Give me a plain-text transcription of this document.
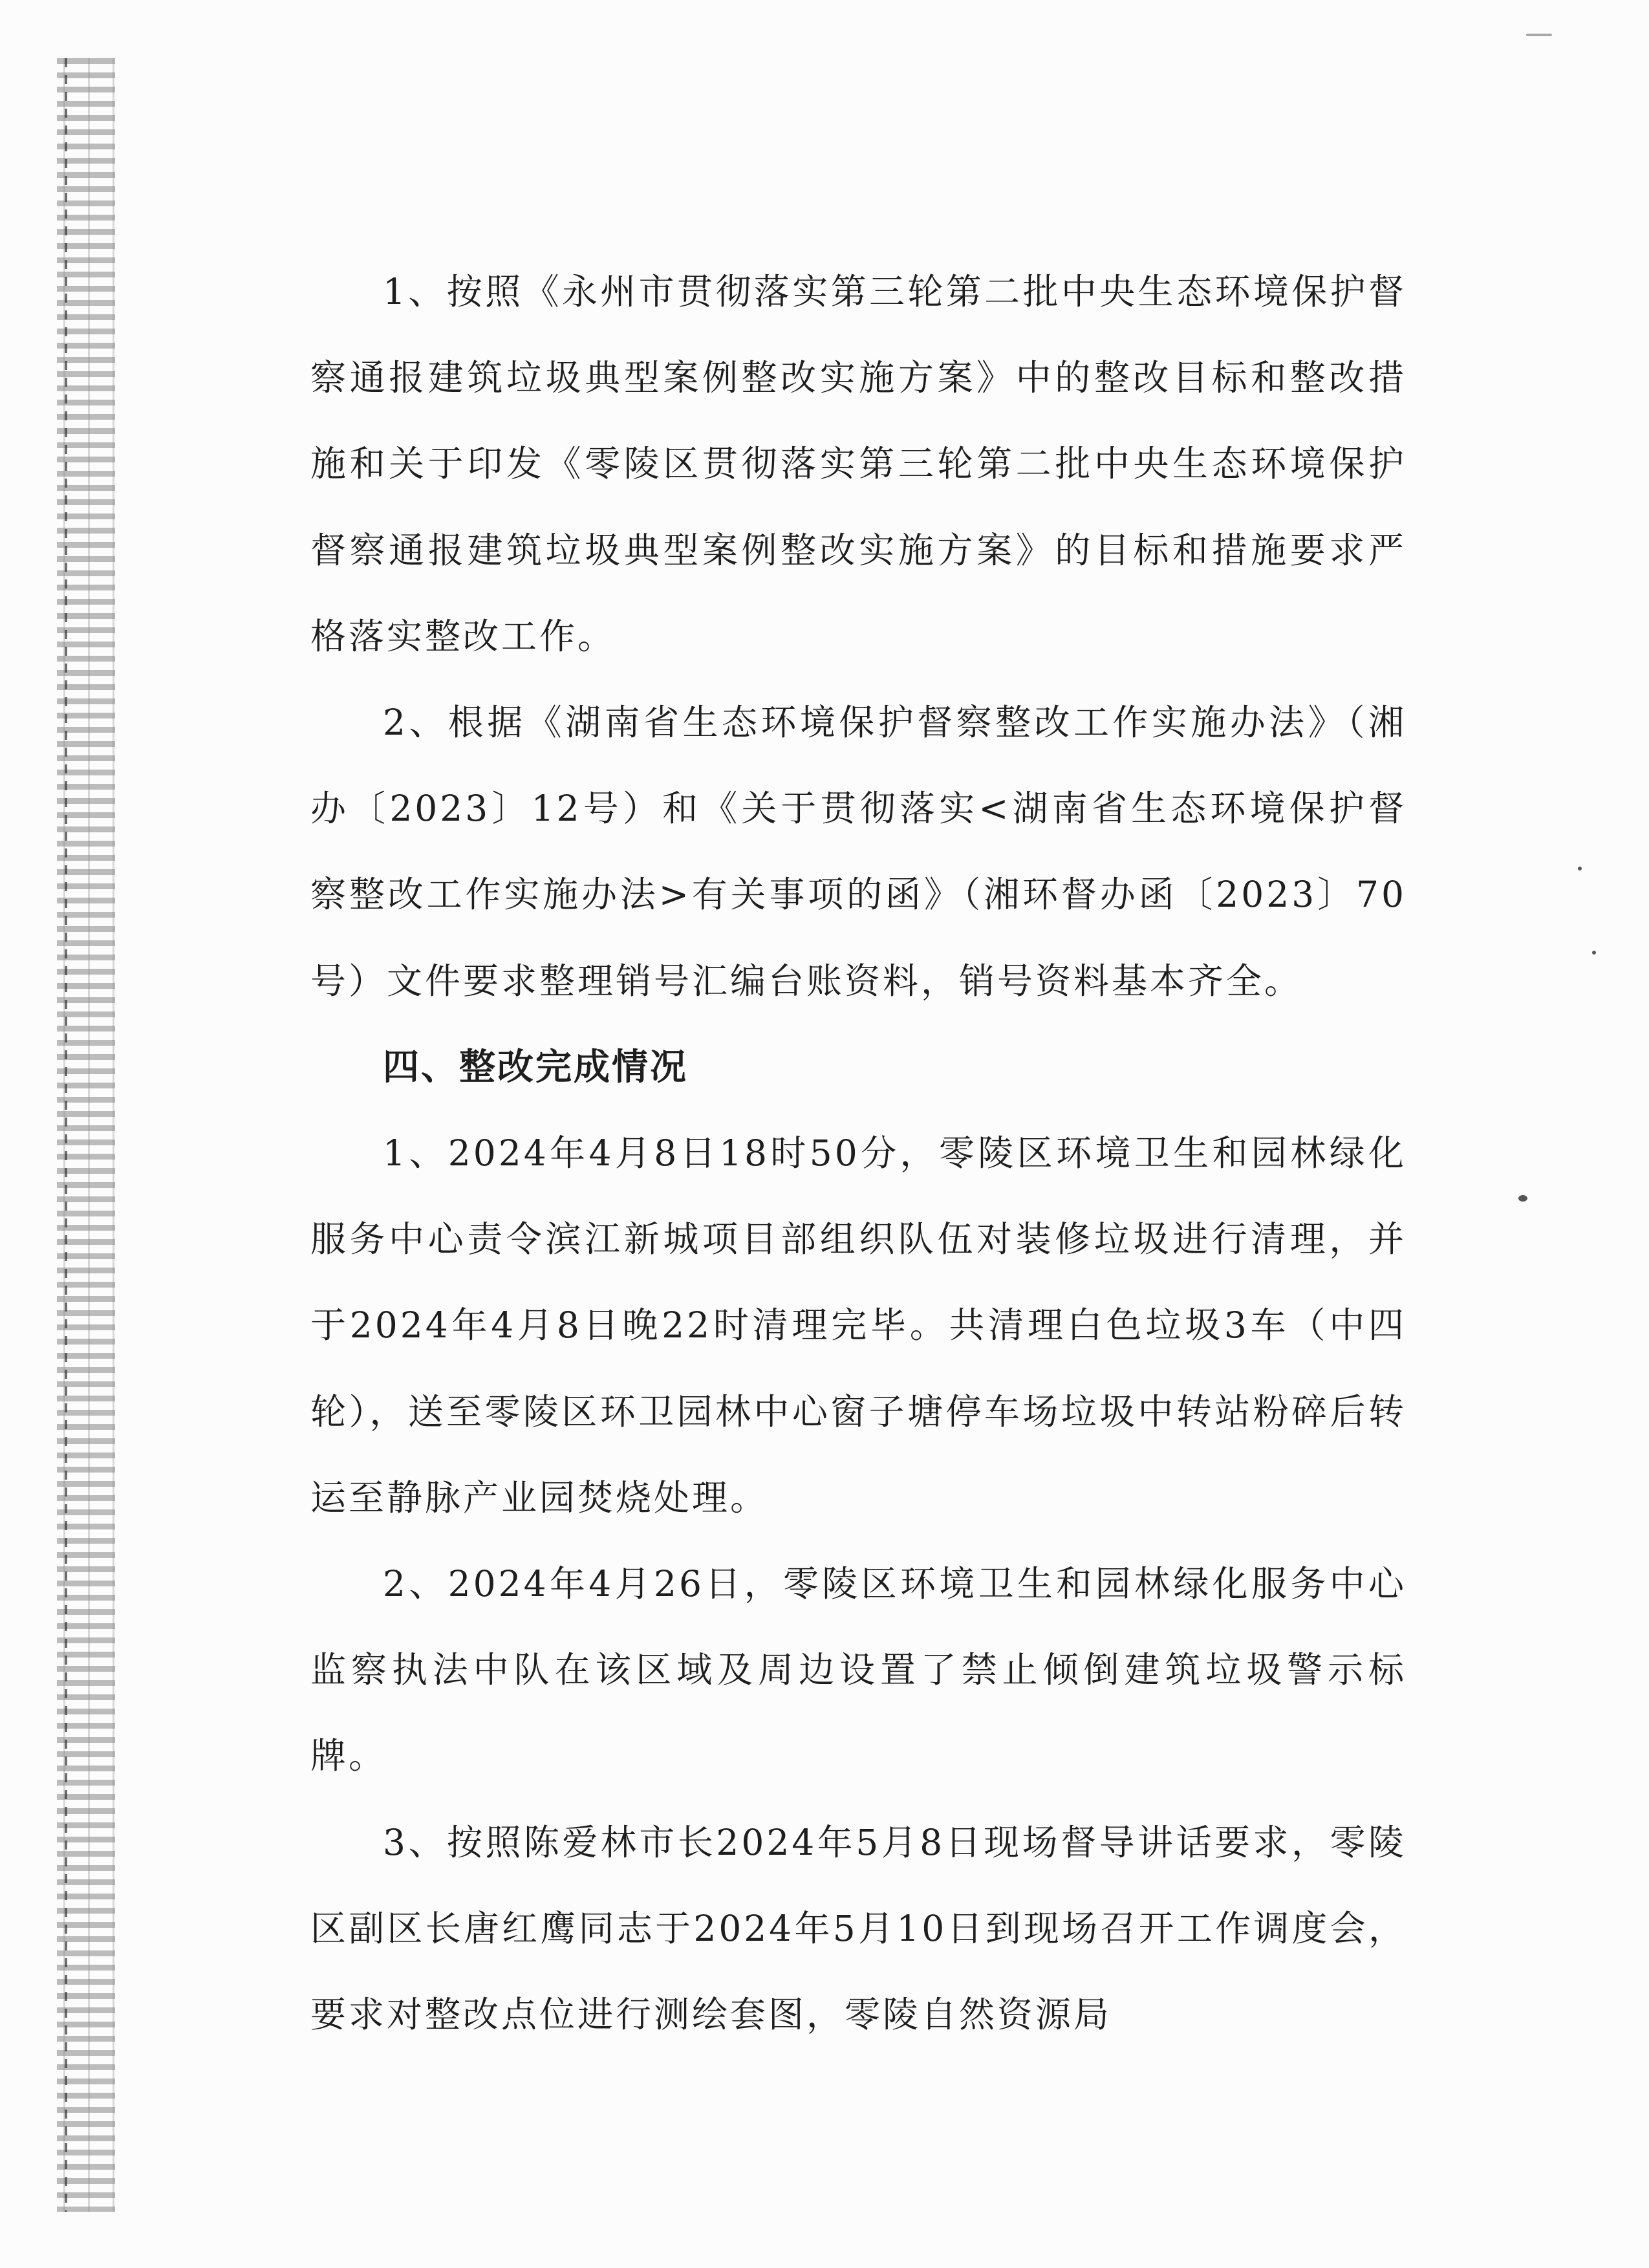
1、按照《永州市贯彻落实第三轮第二批中央生态环境保护督察通报建筑垃圾典型案例整改实施方案》中的整改目标和整改措施和关于印发《零陵区贯彻落实第三轮第二批中央生态环境保护督察通报建筑垃圾典型案例整改实施方案》的目标和措施要求严格落实整改工作。

2、根据《湖南省生态环境保护督察整改工作实施办法》（湘办〔2023〕12号）和《关于贯彻落实<湖南省生态环境保护督察整改工作实施办法>有关事项的函》（湘环督办函〔2023〕70号）文件要求整理销号汇编台账资料，销号资料基本齐全。

四、整改完成情况

1、2024年4月8日18时50分，零陵区环境卫生和园林绿化服务中心责令滨江新城项目部组织队伍对装修垃圾进行清理，并于2024年4月8日晚22时清理完毕。共清理白色垃圾3车（中四轮），送至零陵区环卫园林中心窗子塘停车场垃圾中转站粉碎后转运至静脉产业园焚烧处理。

2、2024年4月26日，零陵区环境卫生和园林绿化服务中心监察执法中队在该区域及周边设置了禁止倾倒建筑垃圾警示标牌。

3、按照陈爱林市长2024年5月8日现场督导讲话要求，零陵区副区长唐红鹰同志于2024年5月10日到现场召开工作调度会，要求对整改点位进行测绘套图，零陵自然资源局
